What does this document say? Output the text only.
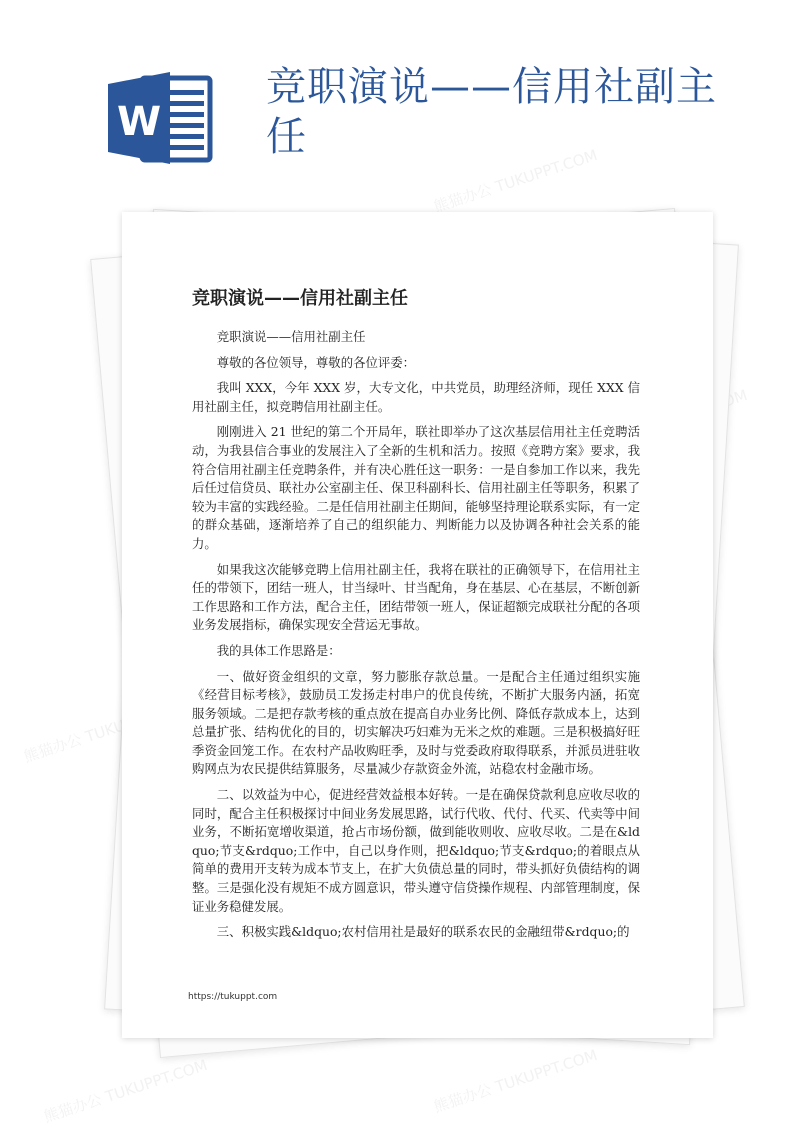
熊猫办公 TUKUPPT.COM
熊猫办公 TUKUPPT.COM
熊猫办公 TUKUPPT.COM	熊猫办公 TUKUPPT.COM
W
竞职演说——信用社副主任
竞职演说——信用社副主任

竞职演说——信用社副主任

尊敬的各位领导，尊敬的各位评委：

我叫 XXX，今年 XXX 岁，大专文化，中共党员，助理经济师，现任 XXX 信用社副主任，拟竞聘信用社副主任。

刚刚进入 21 世纪的第二个开局年，联社即举办了这次基层信用社主任竞聘活动，为我县信合事业的发展注入了全新的生机和活力。按照《竞聘方案》要求，我符合信用社副主任竞聘条件，并有决心胜任这一职务：一是自参加工作以来，我先后任过信贷员、联社办公室副主任、保卫科副科长、信用社副主任等职务，积累了较为丰富的实践经验。二是任信用社副主任期间，能够坚持理论联系实际，有一定的群众基础，逐渐培养了自己的组织能力、判断能力以及协调各种社会关系的能力。

如果我这次能够竞聘上信用社副主任，我将在联社的正确领导下，在信用社主任的带领下，团结一班人，甘当绿叶、甘当配角，身在基层、心在基层，不断创新工作思路和工作方法，配合主任，团结带领一班人，保证超额完成联社分配的各项业务发展指标，确保实现安全营运无事故。

我的具体工作思路是：

一、做好资金组织的文章，努力膨胀存款总量。一是配合主任通过组织实施《经营目标考核》，鼓励员工发扬走村串户的优良传统，不断扩大服务内涵，拓宽服务领域。二是把存款考核的重点放在提高自办业务比例、降低存款成本上，达到总量扩张、结构优化的目的，切实解决巧妇难为无米之炊的难题。三是积极搞好旺季资金回笼工作。在农村产品收购旺季，及时与党委政府取得联系，并派员进驻收购网点为农民提供结算服务，尽量减少存款资金外流，站稳农村金融市场。

二、以效益为中心，促进经营效益根本好转。一是在确保贷款利息应收尽收的同时，配合主任积极探讨中间业务发展思路，试行代收、代付、代买、代卖等中间业务，不断拓宽增收渠道，抢占市场份额，做到能收则收、应收尽收。二是在&ldquo;节支&rdquo;工作中，自己以身作则，把&ldquo;节支&rdquo;的着眼点从简单的费用开支转为成本节支上，在扩大负债总量的同时，带头抓好负债结构的调整。三是强化没有规矩不成方圆意识，带头遵守信贷操作规程、内部管理制度，保证业务稳健发展。

三、积极实践&ldquo;农村信用社是最好的联系农民的金融纽带&rdquo;的

https://tukuppt.com
